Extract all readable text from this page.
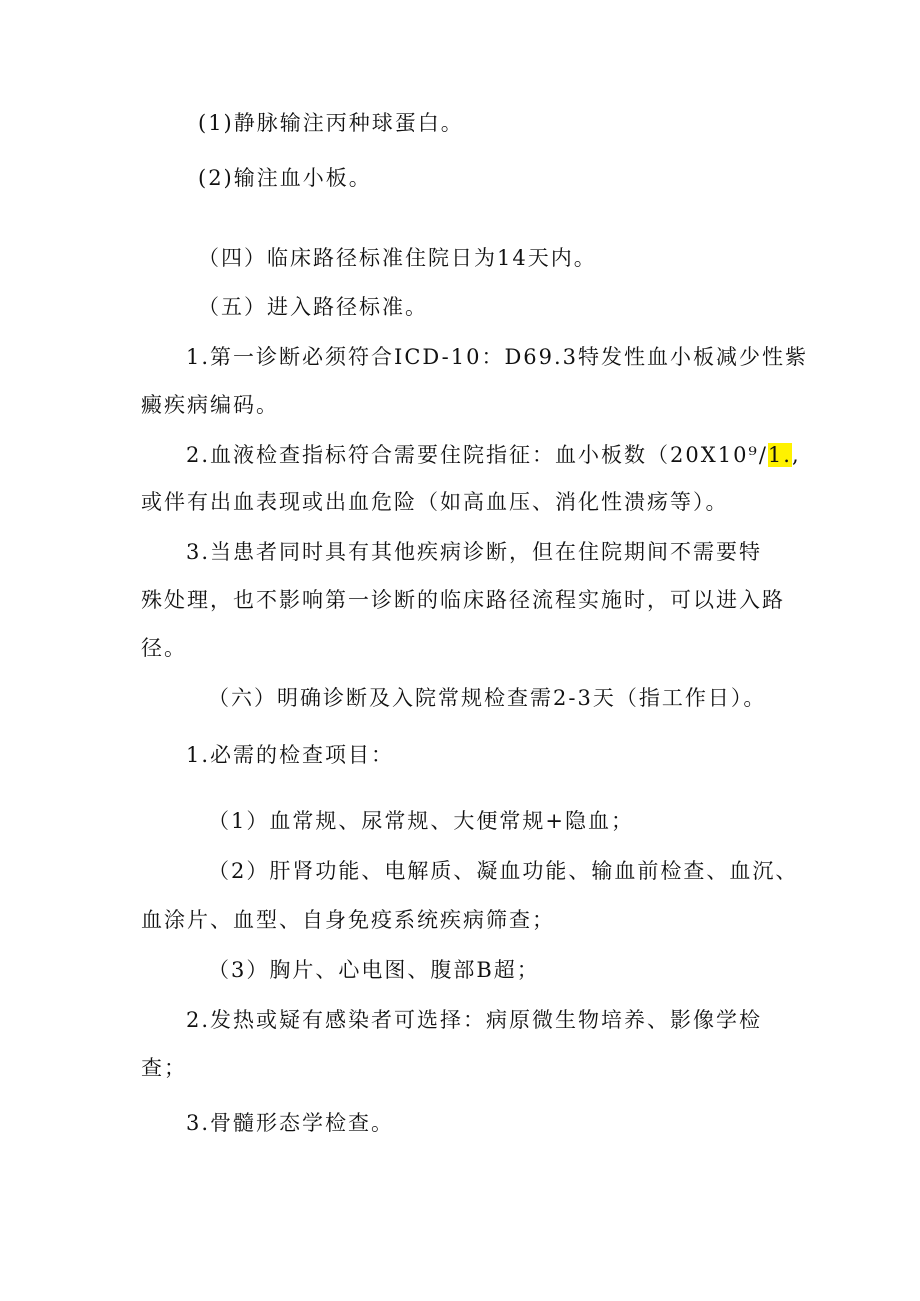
(1)静脉输注丙种球蛋白。
(2)输注血小板。
（四）临床路径标准住院日为14天内。
（五）进入路径标准。
1.第一诊断必须符合ICD-10：D69.3特发性血小板减少性紫
癜疾病编码。
2.血液检查指标符合需要住院指征：血小板数（20X10⁹/1.,
或伴有出血表现或出血危险（如高血压、消化性溃疡等）。
3.当患者同时具有其他疾病诊断，但在住院期间不需要特
殊处理，也不影响第一诊断的临床路径流程实施时，可以进入路
径。
（六）明确诊断及入院常规检查需2-3天（指工作日）。
1.必需的检查项目：
（1）血常规、尿常规、大便常规+隐血；
（2）肝肾功能、电解质、凝血功能、输血前检查、血沉、
血涂片、血型、自身免疫系统疾病筛查；
（3）胸片、心电图、腹部B超；
2.发热或疑有感染者可选择：病原微生物培养、影像学检
查；
3.骨髓形态学检查。
